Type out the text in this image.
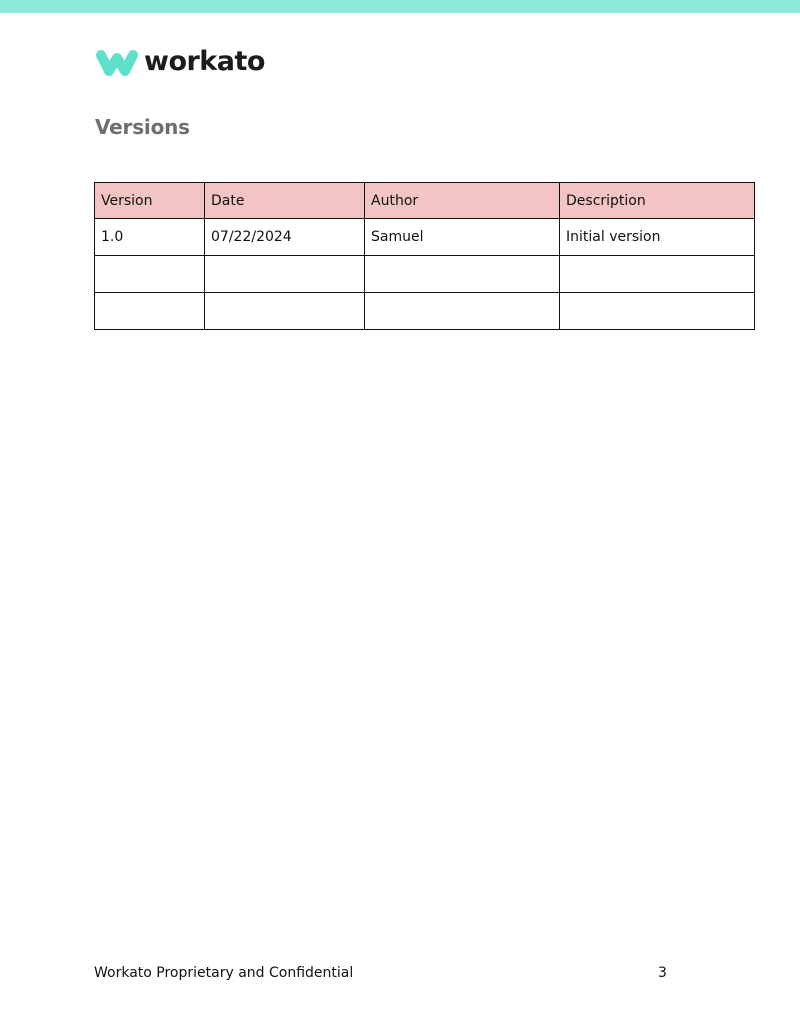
workato
Versions
Version	Date	Author	Description
1.0	07/22/2024	Samuel	Initial version

Workato Proprietary and Confidential	3
